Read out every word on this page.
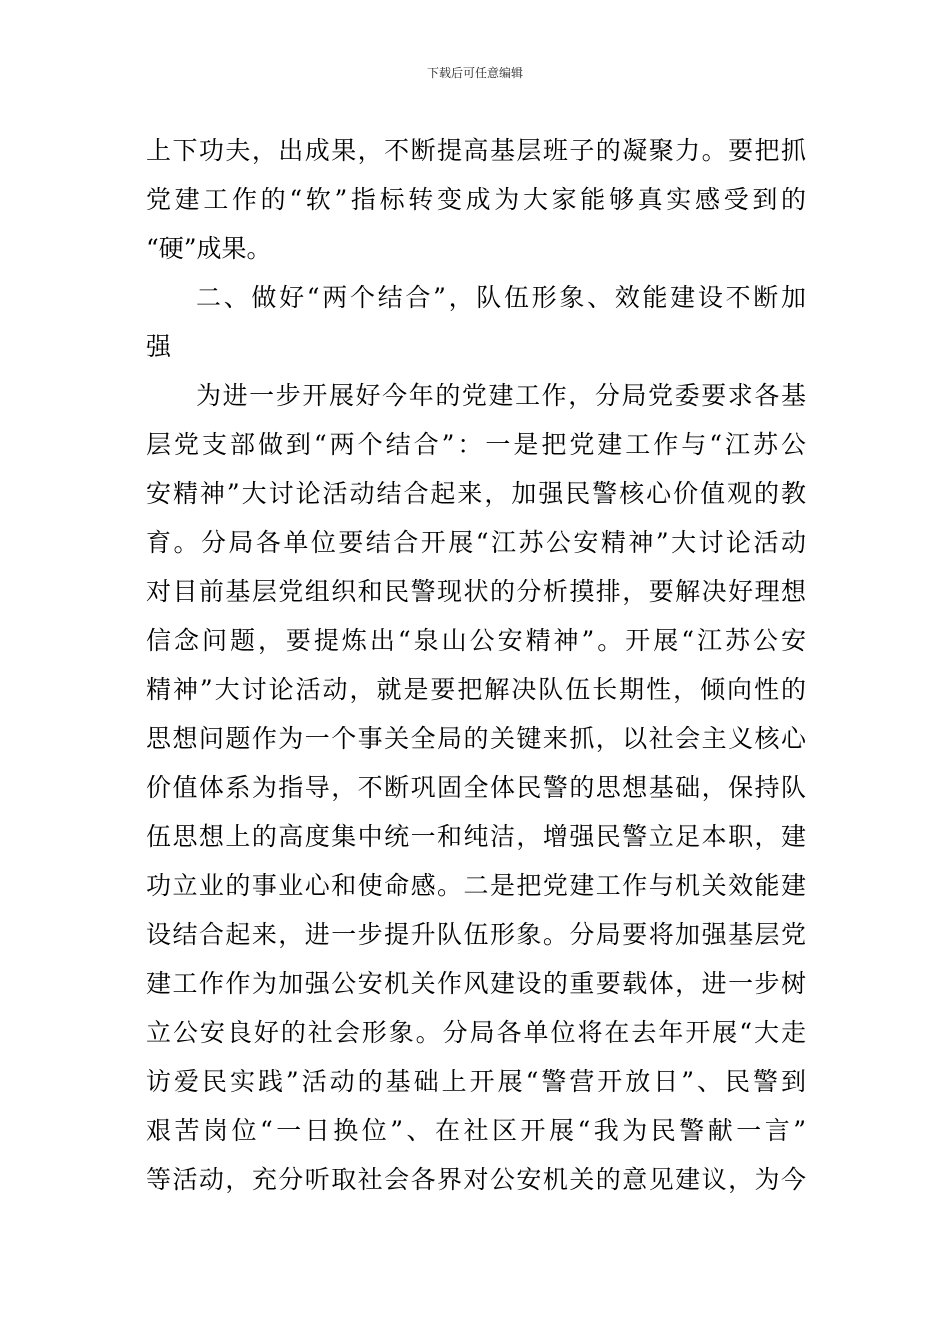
下载后可任意编辑
上下功夫，出成果，不断提高基层班子的凝聚力。要把抓
党建工作的“软”指标转变成为大家能够真实感受到的
“硬”成果。
二、做好“两个结合”，队伍形象、效能建设不断加
强
为进一步开展好今年的党建工作，分局党委要求各基
层党支部做到“两个结合”：一是把党建工作与“江苏公
安精神”大讨论活动结合起来，加强民警核心价值观的教
育。分局各单位要结合开展“江苏公安精神”大讨论活动
对目前基层党组织和民警现状的分析摸排，要解决好理想
信念问题，要提炼出“泉山公安精神”。开展“江苏公安
精神”大讨论活动，就是要把解决队伍长期性，倾向性的
思想问题作为一个事关全局的关键来抓，以社会主义核心
价值体系为指导，不断巩固全体民警的思想基础，保持队
伍思想上的高度集中统一和纯洁，增强民警立足本职，建
功立业的事业心和使命感。二是把党建工作与机关效能建
设结合起来，进一步提升队伍形象。分局要将加强基层党
建工作作为加强公安机关作风建设的重要载体，进一步树
立公安良好的社会形象。分局各单位将在去年开展“大走
访爱民实践”活动的基础上开展“警营开放日”、民警到
艰苦岗位“一日换位”、在社区开展“我为民警献一言”
等活动，充分听取社会各界对公安机关的意见建议，为今
